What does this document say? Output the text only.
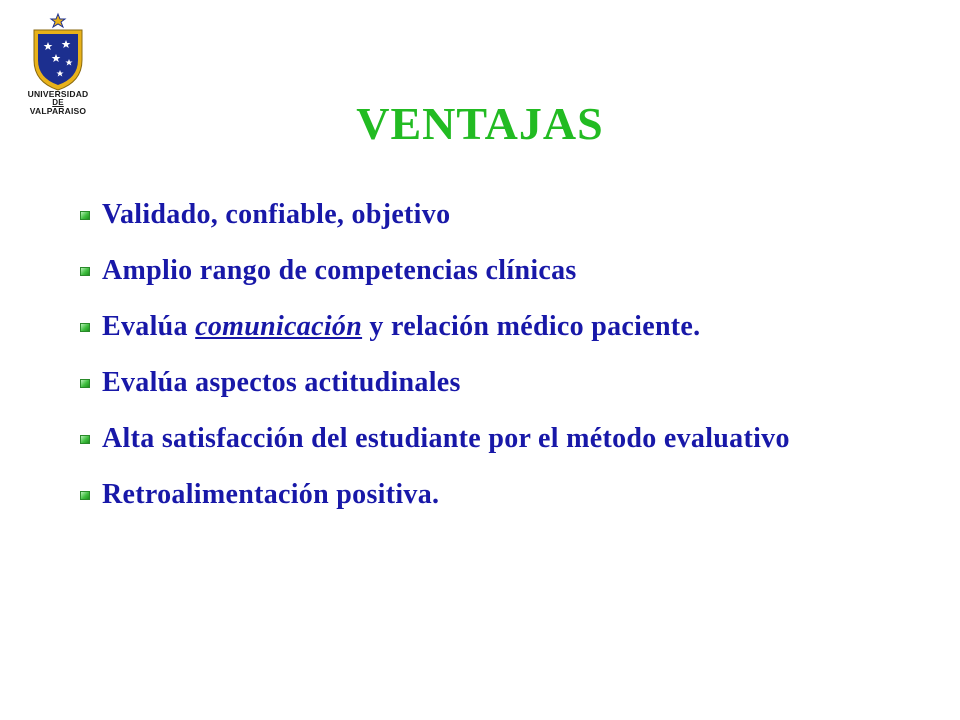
UNIVERSIDAD
DE
VALPARAISO	VENTAJAS
Validado, confiable, objetivo
Amplio rango de competencias clínicas
Evalúa comunicación y relación médico paciente.
Evalúa aspectos actitudinales
Alta satisfacción del estudiante por el método evaluativo
Retroalimentación positiva.
